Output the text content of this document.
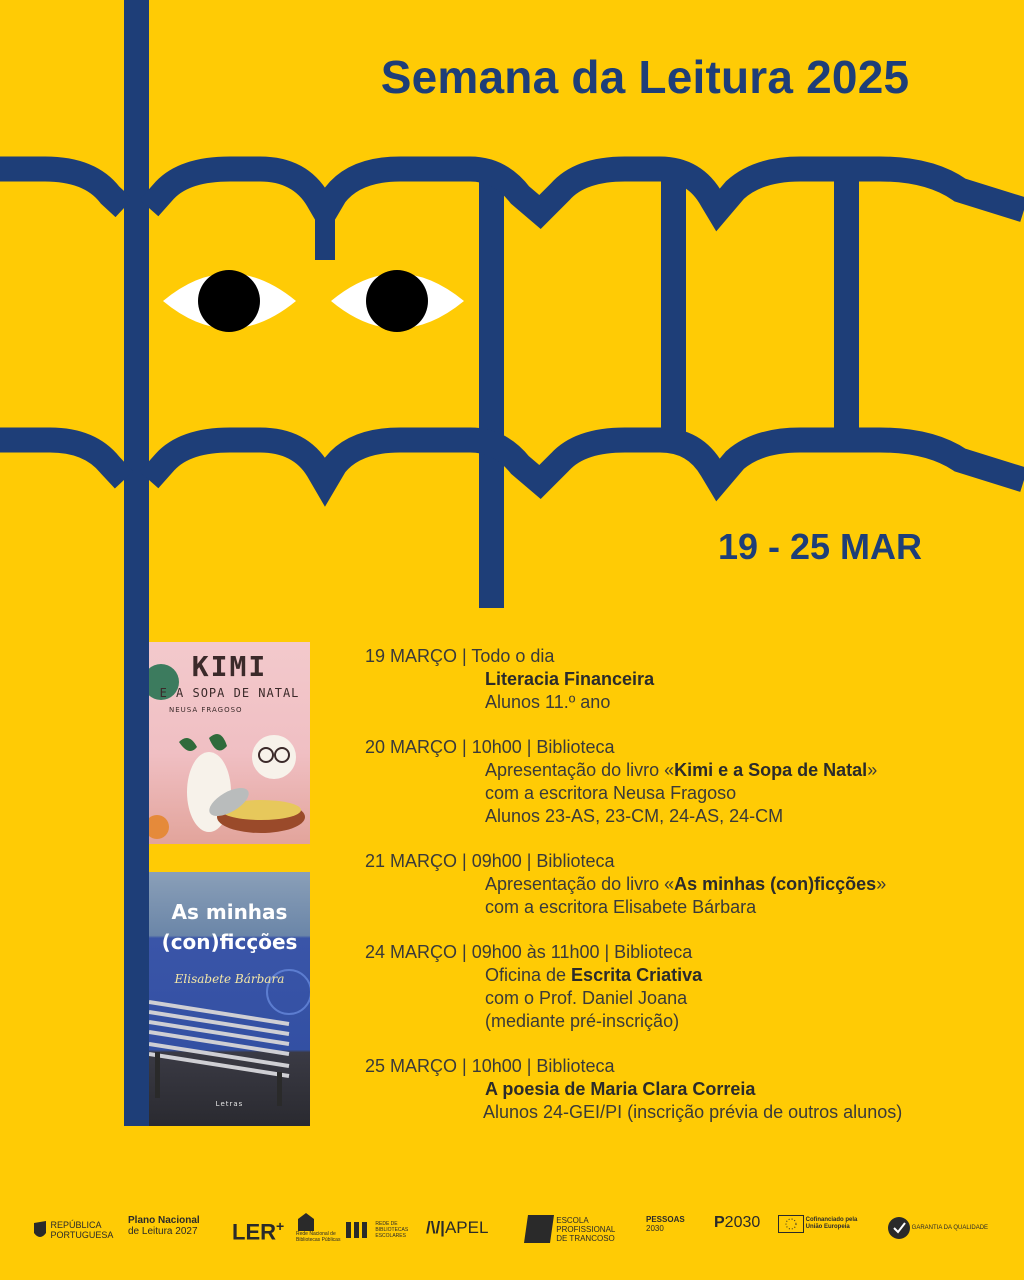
Semana da Leitura 2025
19 - 25 MAR
KIMI
E A SOPA DE NATAL
NEUSA FRAGOSO
As minhas
(con)ficções
Elisabete Bárbara
Letras
19 MARÇO | Todo o dia
Literacia Financeira
Alunos 11.º ano
20 MARÇO | 10h00 | Biblioteca
Apresentação do livro «Kimi e a Sopa de Natal»
com a escritora Neusa Fragoso
Alunos 23-AS, 23-CM, 24-AS, 24-CM
21 MARÇO | 09h00 | Biblioteca
Apresentação do livro «As minhas (con)ficções»
com a escritora Elisabete Bárbara
24 MARÇO | 09h00 às 11h00 | Biblioteca
Oficina de Escrita Criativa
com o Prof. Daniel Joana
(mediante pré-inscrição)
25 MARÇO | 10h00 | Biblioteca
A poesia de Maria Clara Correia
Alunos 24-GEI/PI (inscrição prévia de outros alunos)
REPÚBLICA
PORTUGUESA
Plano Nacional
de Leitura 2027 LER+ Rede Nacional de
Bibliotecas Públicas
REDE DE
BIBLIOTECAS
ESCOLARES /\/|APEL	ESCOLA
PROFISSIONAL
DE TRANCOSO
PESSOAS
2030	P2030	Cofinanciado pela
União Europeia	GARANTIA DA QUALIDADE
